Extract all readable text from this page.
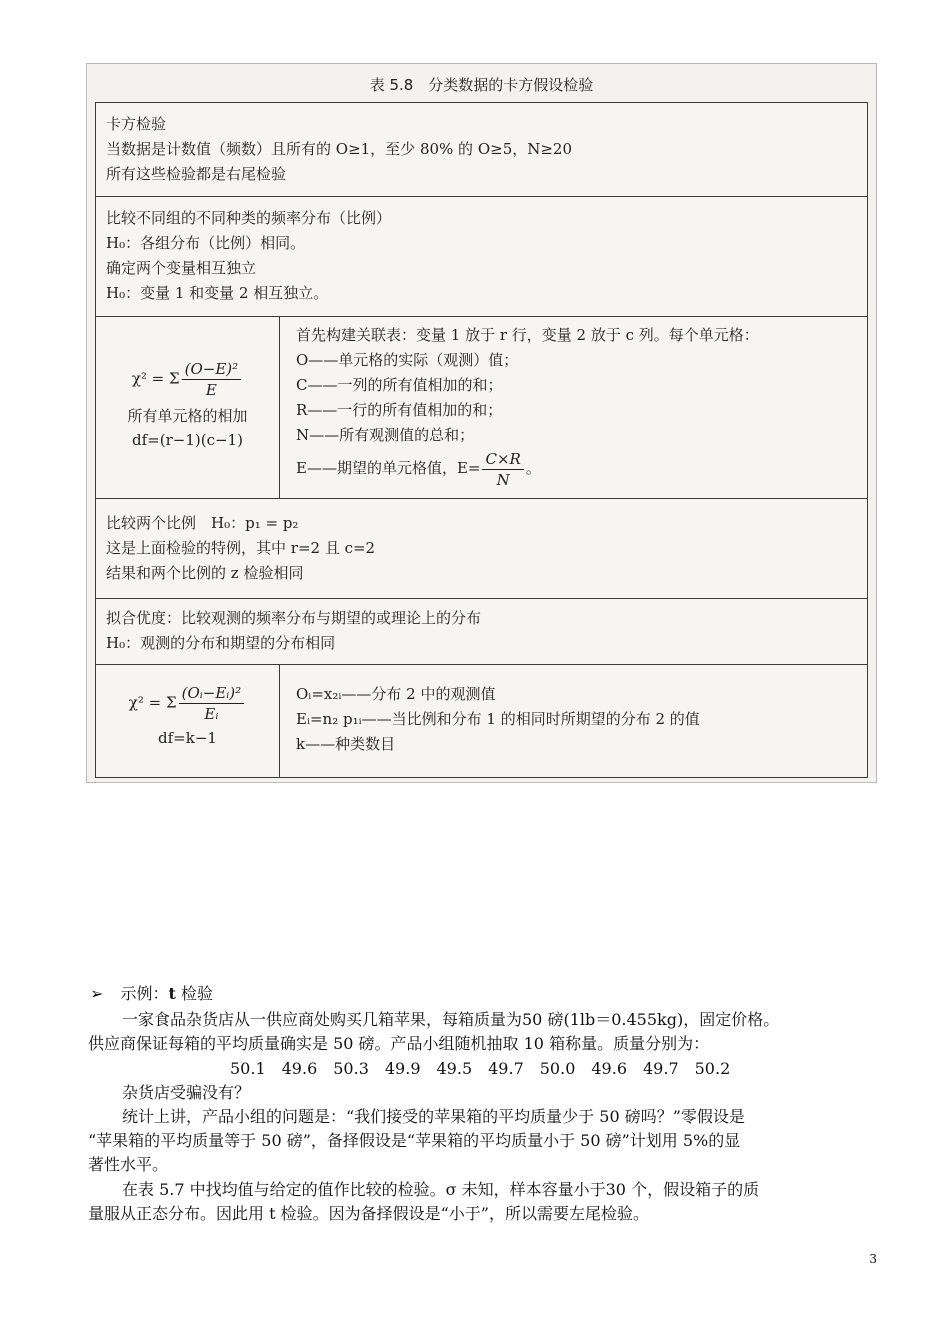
表 5.8　分类数据的卡方假设检验
卡方检验
当数据是计数值（频数）且所有的 O≥1，至少 80% 的 O≥5，N≥20
所有这些检验都是右尾检验
比较不同组的不同种类的频率分布（比例）
H₀：各组分布（比例）相同。
确定两个变量相互独立
H₀：变量 1 和变量 2 相互独立。
χ² = Σ $\frac{\text{(O−E)²}}{E}$
所有单元格的相加
df=(r−1)(c−1)
首先构建关联表：变量 1 放于 r 行，变量 2 放于 c 列。每个单元格：
O——单元格的实际（观测）值；
C——一列的所有值相加的和；
R——一行的所有值相加的和；
N——所有观测值的总和；
E——期望的单元格值，$E= \frac{C\times R}{N}$ 。
比较两个比例　H₀：p₁ = p₂
这是上面检验的特例，其中 r=2 且 c=2
结果和两个比例的 z 检验相同
拟合优度：比较观测的频率分布与期望的或理论上的分布
H₀：观测的分布和期望的分布相同
χ² = Σ $\frac{\text{(Oᵢ−Eᵢ)²}}{\text{Eᵢ}}$
df=k−1
Oᵢ=x₂ᵢ——分布 2 中的观测值
Eᵢ=n₂ p₁ᵢ——当比例和分布 1 的相同时所期望的分布 2 的值
k——种类数目
➢ 示例：t 检验
一家食品杂货店从一供应商处购买几箱苹果，每箱质量为50 磅(1lb＝0.455kg)，固定价格。
供应商保证每箱的平均质量确实是 50 磅。产品小组随机抽取 10 箱称量。质量分别为：
50.1　49.6　50.3　49.9　49.5　49.7　50.0　49.6　49.7　50.2
杂货店受骗没有？
统计上讲，产品小组的问题是：“我们接受的苹果箱的平均质量少于 50 磅吗？”零假设是
“苹果箱的平均质量等于 50 磅”，备择假设是“苹果箱的平均质量小于 50 磅”计划用 5%的显
著性水平。
在表 5.7 中找均值与给定的值作比较的检验。σ 未知，样本容量小于30 个，假设箱子的质
量服从正态分布。因此用 t 检验。因为备择假设是“小于”，所以需要左尾检验。
3
